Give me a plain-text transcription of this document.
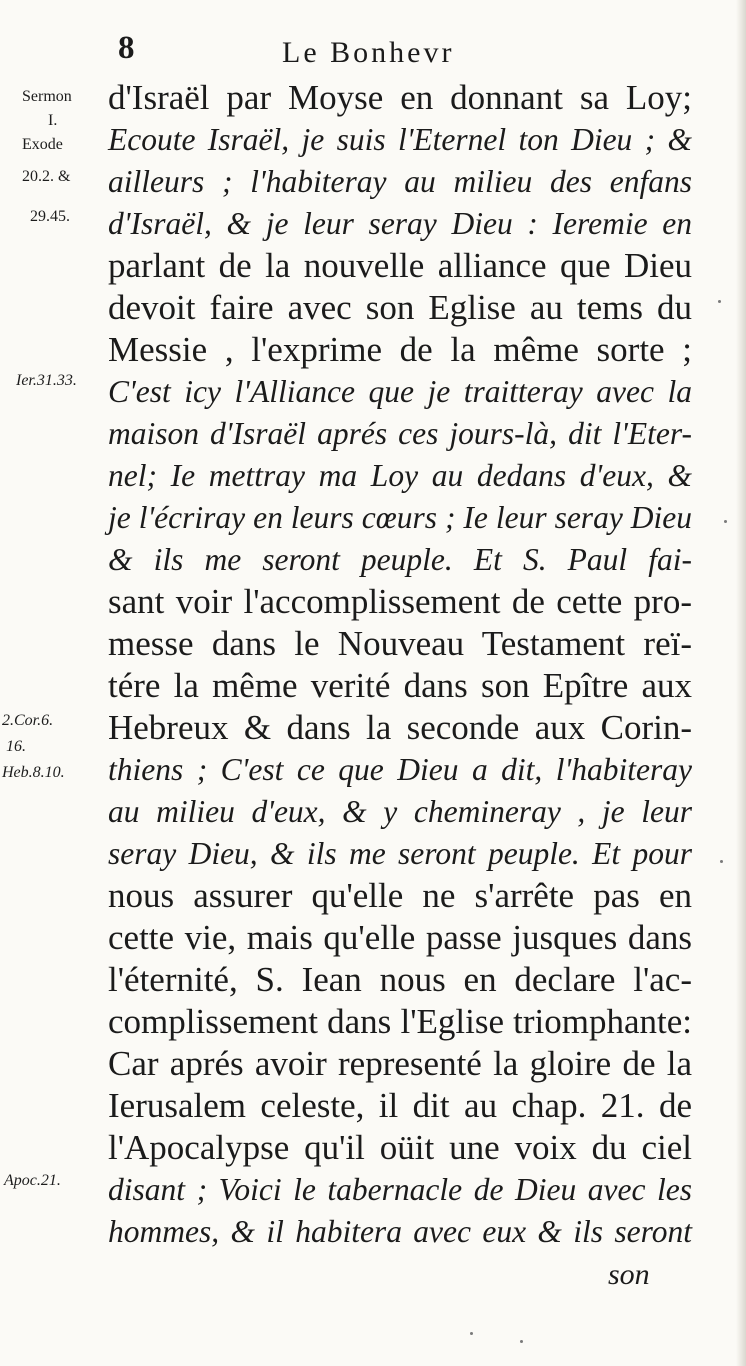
8	Le Bonhevr
d'Israël par Moyse en donnant sa Loy;
Ecoute Israël, je suis l'Eternel ton Dieu ; &
ailleurs ; l'habiteray au milieu des enfans
d'Israël, & je leur seray Dieu : Ieremie en
parlant de la nouvelle alliance que Dieu
devoit faire avec son Eglise au tems du
Messie , l'exprime de la même sorte ;
C'est icy l'Alliance que je traitteray avec la
maison d'Israël aprés ces jours-là, dit l'Eter-
nel; Ie mettray ma Loy au dedans d'eux, &
je l'écriray en leurs cœurs ; Ie leur seray Dieu
& ils me seront peuple. Et S. Paul fai-
sant voir l'accomplissement de cette pro-
messe dans le Nouveau Testament reï-
tére la même verité dans son Epître aux
Hebreux & dans la seconde aux Corin-
thiens ; C'est ce que Dieu a dit, l'habiteray
au milieu d'eux, & y chemineray , je leur
seray Dieu, & ils me seront peuple. Et pour
nous assurer qu'elle ne s'arrête pas en
cette vie, mais qu'elle passe jusques dans
l'éternité, S. Iean nous en declare l'ac-
complissement dans l'Eglise triomphante:
Car aprés avoir representé la gloire de la
Ierusalem celeste, il dit au chap. 21. de
l'Apocalypse qu'il oüit une voix du ciel
disant ; Voici le tabernacle de Dieu avec les
hommes, & il habitera avec eux & ils seront
Sermon
I.
Exode
20.2. &
29.45.
Ier.31.33.
2.Cor.6.
16.
Heb.8.10.
Apoc.21.
son
